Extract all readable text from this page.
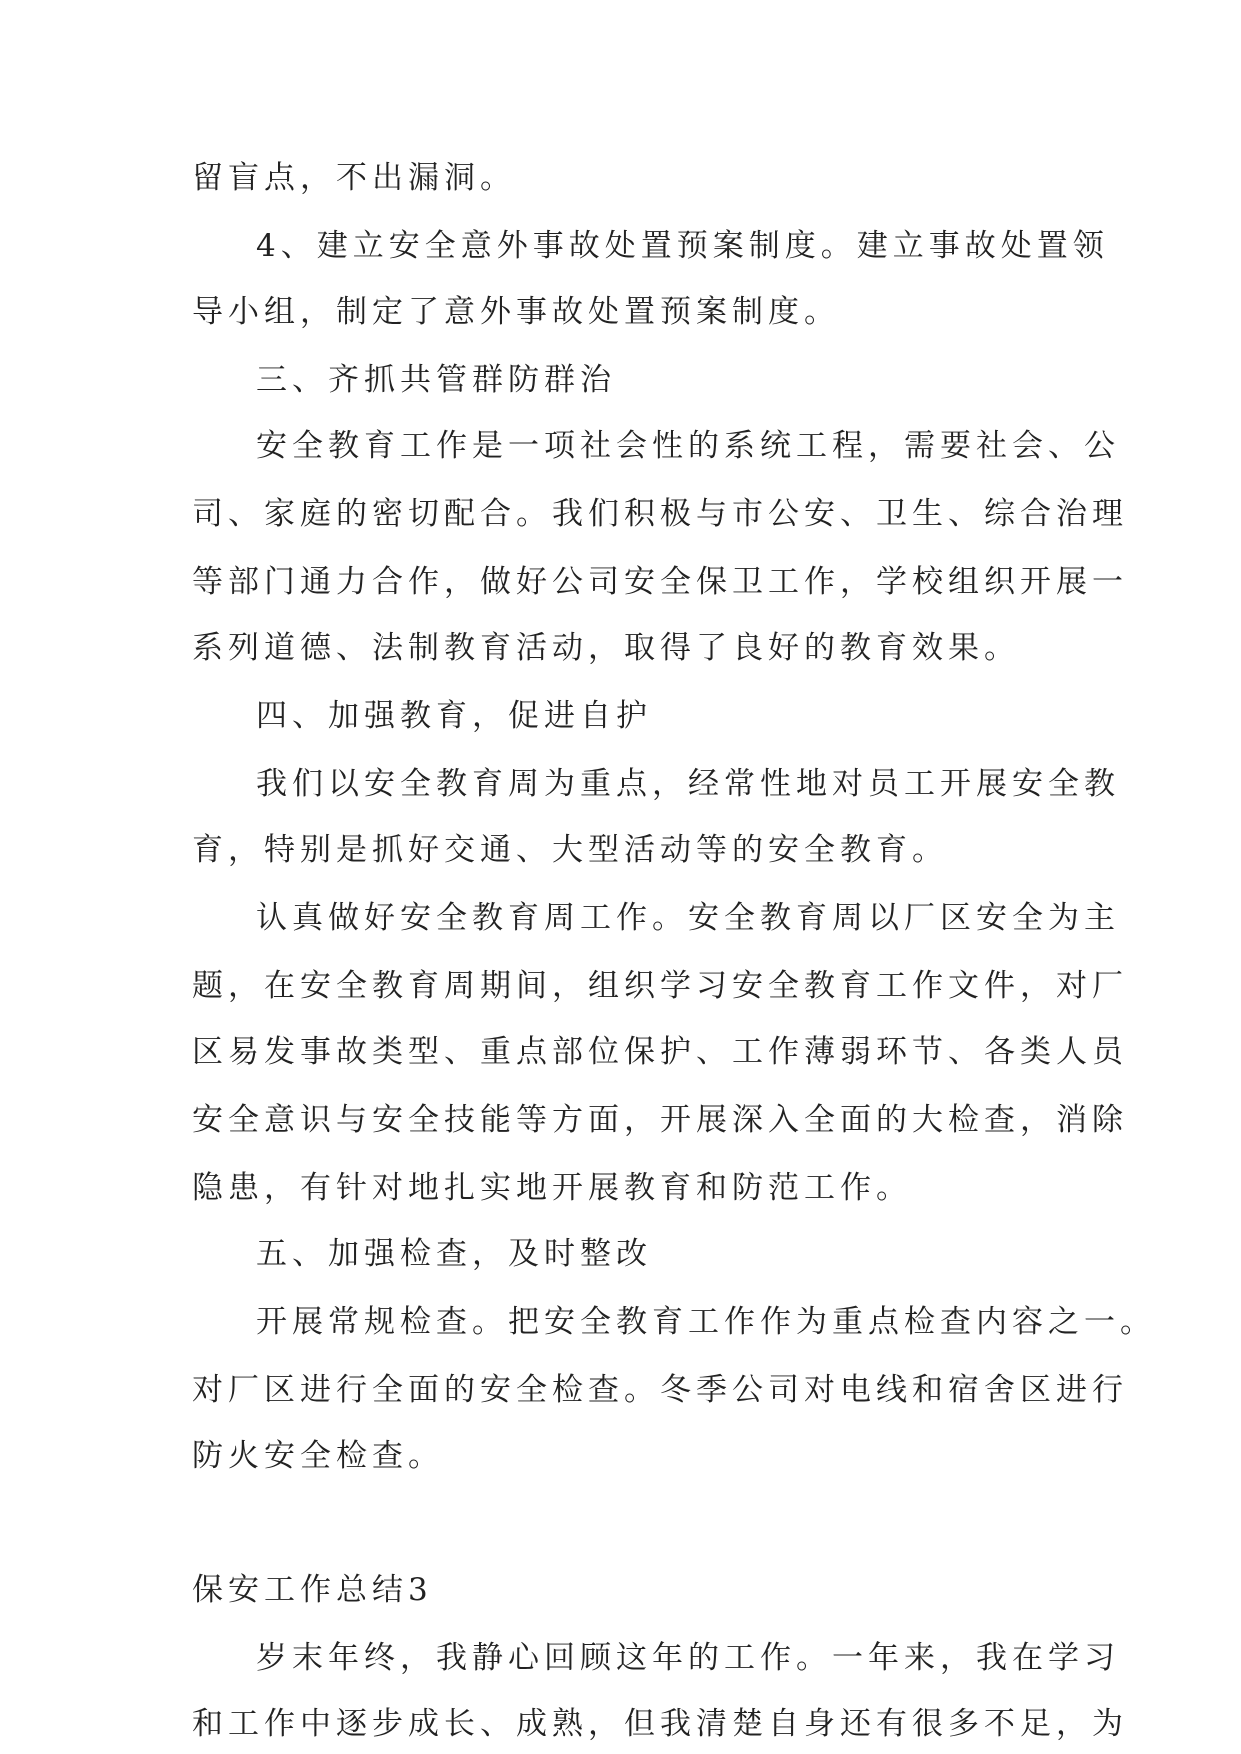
留盲点，不出漏洞。
4、建立安全意外事故处置预案制度。建立事故处置领
导小组，制定了意外事故处置预案制度。
三、齐抓共管群防群治
安全教育工作是一项社会性的系统工程，需要社会、公
司、家庭的密切配合。我们积极与市公安、卫生、综合治理
等部门通力合作，做好公司安全保卫工作，学校组织开展一
系列道德、法制教育活动，取得了良好的教育效果。
四、加强教育，促进自护
我们以安全教育周为重点，经常性地对员工开展安全教
育，特别是抓好交通、大型活动等的安全教育。
认真做好安全教育周工作。安全教育周以厂区安全为主
题，在安全教育周期间，组织学习安全教育工作文件，对厂
区易发事故类型、重点部位保护、工作薄弱环节、各类人员
安全意识与安全技能等方面，开展深入全面的大检查，消除
隐患，有针对地扎实地开展教育和防范工作。
五、加强检查，及时整改
开展常规检查。把安全教育工作作为重点检查内容之一。
对厂区进行全面的安全检查。冬季公司对电线和宿舍区进行
防火安全检查。
保安工作总结3
岁末年终，我静心回顾这年的工作。一年来，我在学习
和工作中逐步成长、成熟，但我清楚自身还有很多不足，为
